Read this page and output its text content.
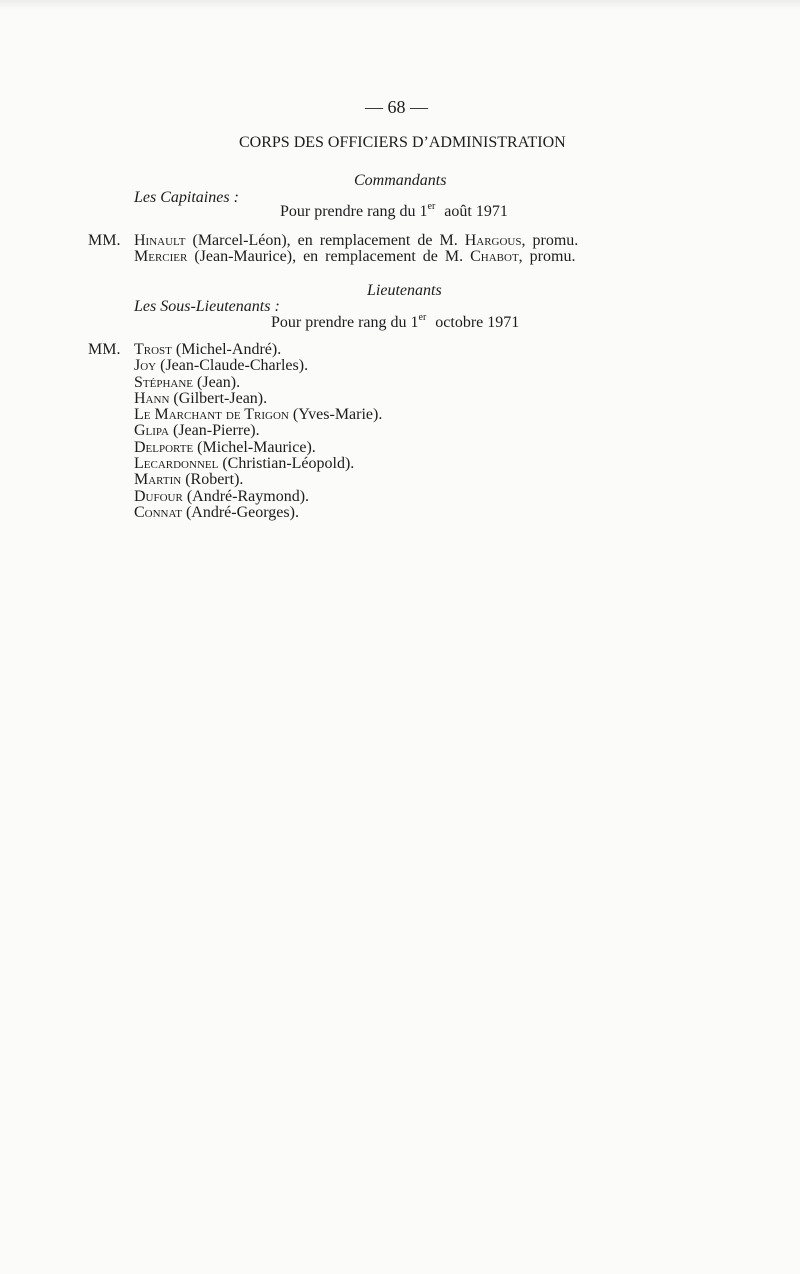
— 68 —
CORPS DES OFFICIERS D’ADMINISTRATION
Commandants
Les Capitaines :
Pour prendre rang du 1er août 1971
MM. Hinault (Marcel-Léon), en remplacement de M. Hargous, promu.
Mercier (Jean-Maurice), en remplacement de M. Chabot, promu.
Lieutenants
Les Sous-Lieutenants :
Pour prendre rang du 1er octobre 1971
MM. Trost (Michel-André).
Joy (Jean-Claude-Charles).
Stéphane (Jean).
Hann (Gilbert-Jean).
Le Marchant de Trigon (Yves-Marie).
Glipa (Jean-Pierre).
Delporte (Michel-Maurice).
Lecardonnel (Christian-Léopold).
Martin (Robert).
Dufour (André-Raymond).
Connat (André-Georges).
